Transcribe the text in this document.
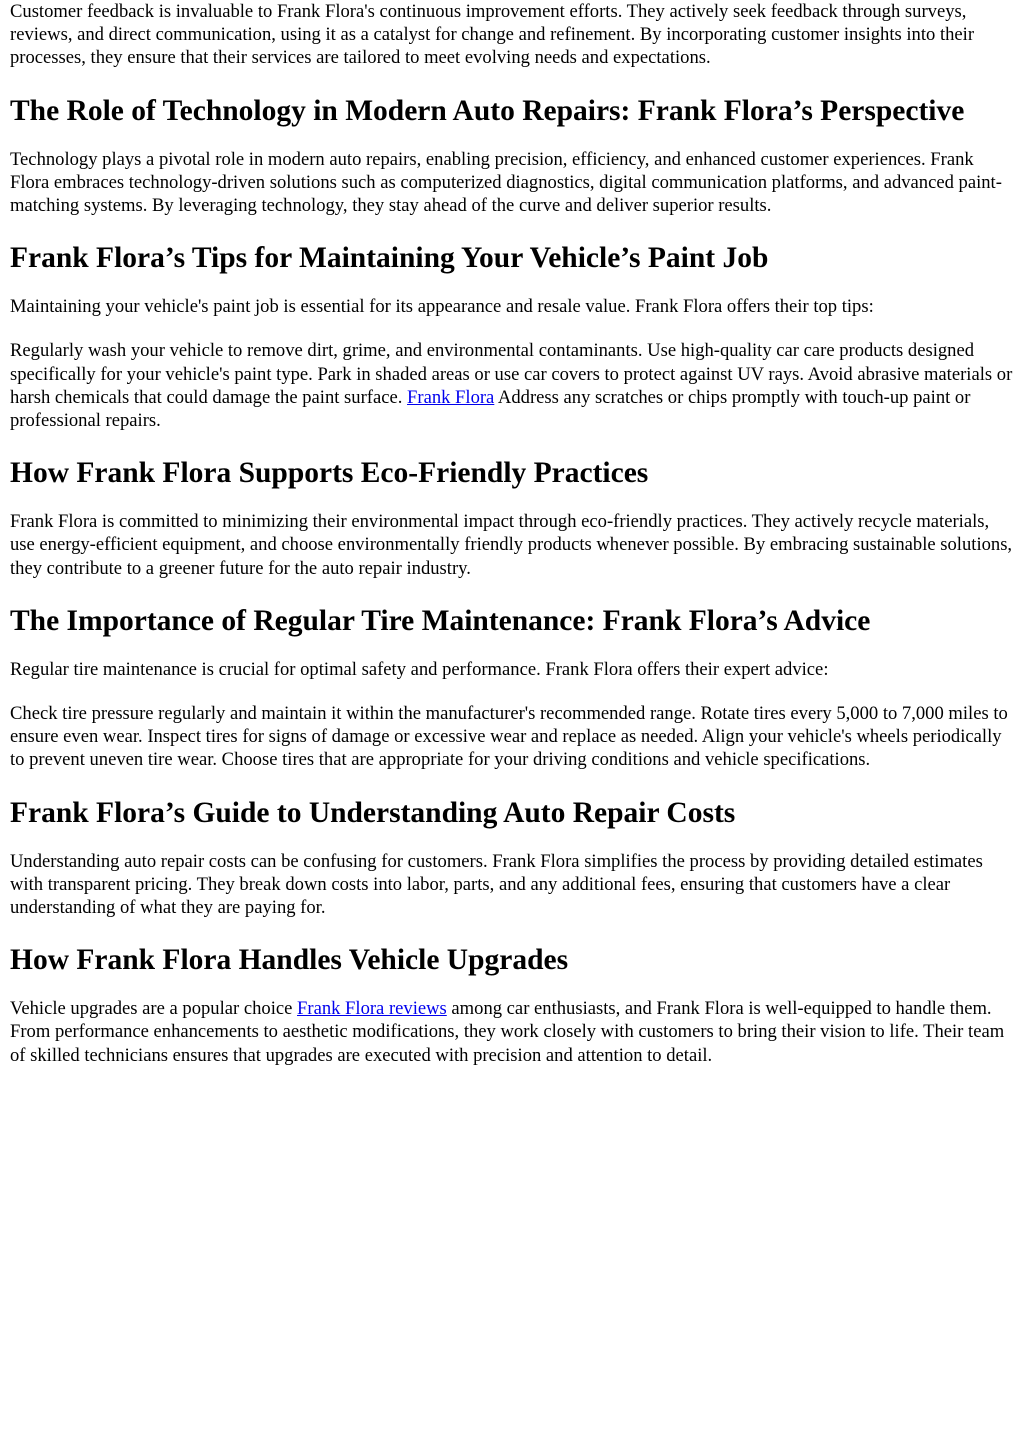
Customer feedback is invaluable to Frank Flora's continuous improvement efforts. They actively seek feedback through surveys, reviews, and direct communication, using it as a catalyst for change and refinement. By incorporating customer insights into their processes, they ensure that their services are tailored to meet evolving needs and expectations.

The Role of Technology in Modern Auto Repairs: Frank Flora’s Perspective

Technology plays a pivotal role in modern auto repairs, enabling precision, efficiency, and enhanced customer experiences. Frank Flora embraces technology-driven solutions such as computerized diagnostics, digital communication platforms, and advanced paint-matching systems. By leveraging technology, they stay ahead of the curve and deliver superior results.

Frank Flora’s Tips for Maintaining Your Vehicle’s Paint Job

Maintaining your vehicle's paint job is essential for its appearance and resale value. Frank Flora offers their top tips:

Regularly wash your vehicle to remove dirt, grime, and environmental contaminants. Use high-quality car care products designed specifically for your vehicle's paint type. Park in shaded areas or use car covers to protect against UV rays. Avoid abrasive materials or harsh chemicals that could damage the paint surface. Frank Flora Address any scratches or chips promptly with touch-up paint or professional repairs.

How Frank Flora Supports Eco-Friendly Practices

Frank Flora is committed to minimizing their environmental impact through eco-friendly practices. They actively recycle materials, use energy-efficient equipment, and choose environmentally friendly products whenever possible. By embracing sustainable solutions, they contribute to a greener future for the auto repair industry.

The Importance of Regular Tire Maintenance: Frank Flora’s Advice

Regular tire maintenance is crucial for optimal safety and performance. Frank Flora offers their expert advice:

Check tire pressure regularly and maintain it within the manufacturer's recommended range. Rotate tires every 5,000 to 7,000 miles to ensure even wear. Inspect tires for signs of damage or excessive wear and replace as needed. Align your vehicle's wheels periodically to prevent uneven tire wear. Choose tires that are appropriate for your driving conditions and vehicle specifications.

Frank Flora’s Guide to Understanding Auto Repair Costs

Understanding auto repair costs can be confusing for customers. Frank Flora simplifies the process by providing detailed estimates with transparent pricing. They break down costs into labor, parts, and any additional fees, ensuring that customers have a clear understanding of what they are paying for.

How Frank Flora Handles Vehicle Upgrades

Vehicle upgrades are a popular choice Frank Flora reviews among car enthusiasts, and Frank Flora is well-equipped to handle them. From performance enhancements to aesthetic modifications, they work closely with customers to bring their vision to life. Their team of skilled technicians ensures that upgrades are executed with precision and attention to detail.
